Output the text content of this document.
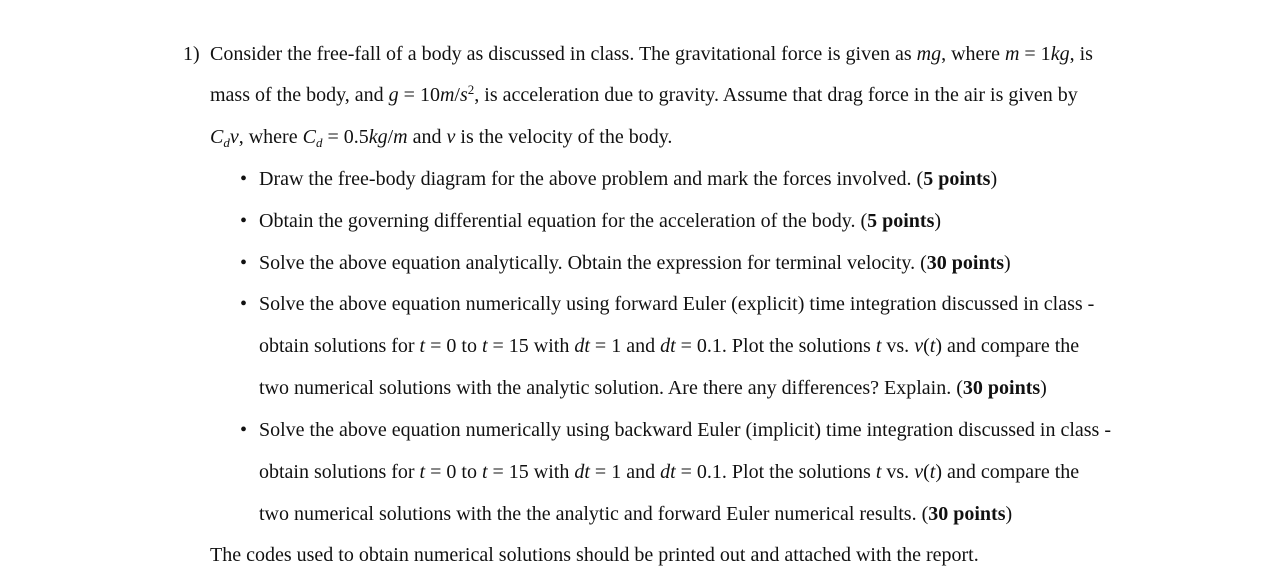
1) Consider the free-fall of a body as discussed in class. The gravitational force is given as mg, where m = 1kg, is
mass of the body, and $g = 10m/s^2$, is acceleration due to gravity. Assume that drag force in the air is given by
$C_dv$, where $C_d = 0.5kg/m$ and v is the velocity of the body.
• Draw the free-body diagram for the above problem and mark the forces involved. (5 points)
• Obtain the governing differential equation for the acceleration of the body. (5 points)
• Solve the above equation analytically. Obtain the expression for terminal velocity. (30 points)
• Solve the above equation numerically using forward Euler (explicit) time integration discussed in class -
obtain solutions for t = 0 to t = 15 with dt = 1 and dt = 0.1. Plot the solutions t vs. v(t) and compare the
two numerical solutions with the analytic solution. Are there any differences? Explain. (30 points)
• Solve the above equation numerically using backward Euler (implicit) time integration discussed in class -
obtain solutions for t = 0 to t = 15 with dt = 1 and dt = 0.1. Plot the solutions t vs. v(t) and compare the
two numerical solutions with the the analytic and forward Euler numerical results. (30 points)
The codes used to obtain numerical solutions should be printed out and attached with the report.
